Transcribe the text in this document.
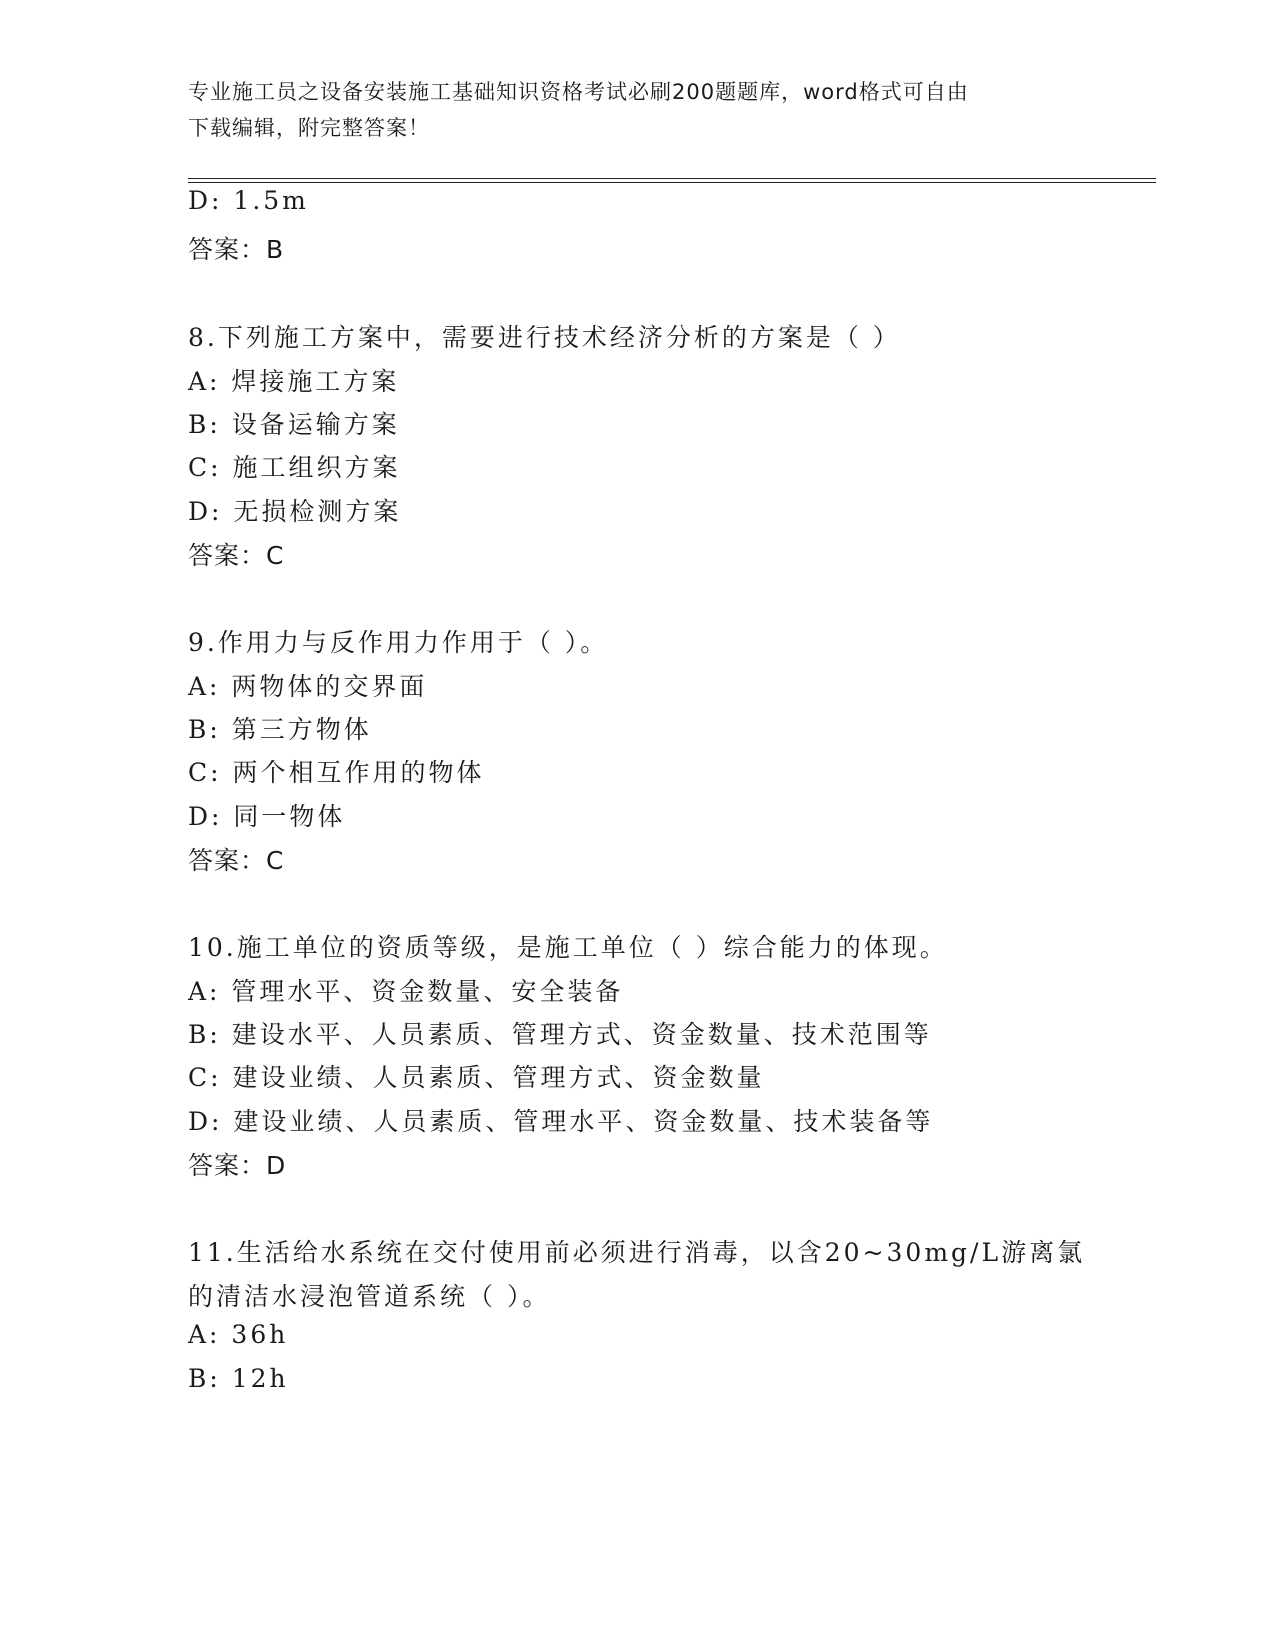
专业施工员之设备安装施工基础知识资格考试必刷200题题库，word格式可自由
下载编辑，附完整答案！
D: 1.5m
答案：B
8.下列施工方案中，需要进行技术经济分析的方案是（ ）
A: 焊接施工方案
B: 设备运输方案
C: 施工组织方案
D: 无损检测方案
答案：C
9.作用力与反作用力作用于（ ）。
A: 两物体的交界面
B: 第三方物体
C: 两个相互作用的物体
D: 同一物体
答案：C
10.施工单位的资质等级，是施工单位（ ）综合能力的体现。
A: 管理水平、资金数量、安全装备
B: 建设水平、人员素质、管理方式、资金数量、技术范围等
C: 建设业绩、人员素质、管理方式、资金数量
D: 建设业绩、人员素质、管理水平、资金数量、技术装备等
答案：D
11.生活给水系统在交付使用前必须进行消毒，以含20~30mg/L游离氯
的清洁水浸泡管道系统（ ）。
A: 36h
B: 12h
